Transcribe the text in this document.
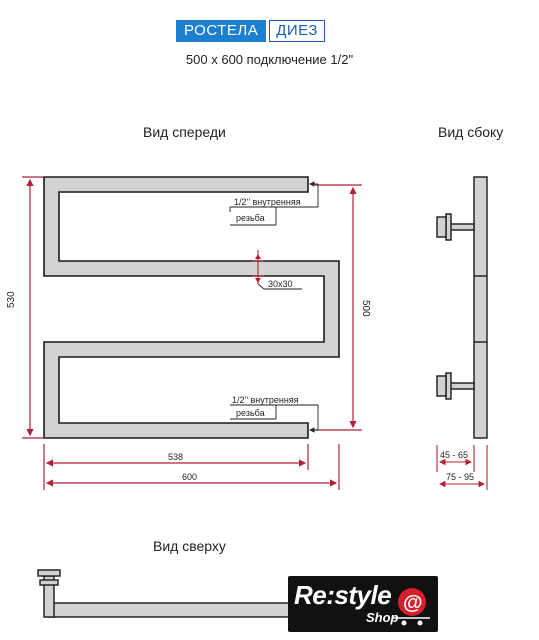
РОСТЕЛА	ДИЕЗ
500 х 600 подключение 1/2"
Вид спереди	Вид сбоку
Вид сверху
530
500
1/2’’ внутренняя
резьба
30х30
1/2’’ внутренняя
резьба
538
600
45 - 65
75 - 95
Re:style
Shop
@
